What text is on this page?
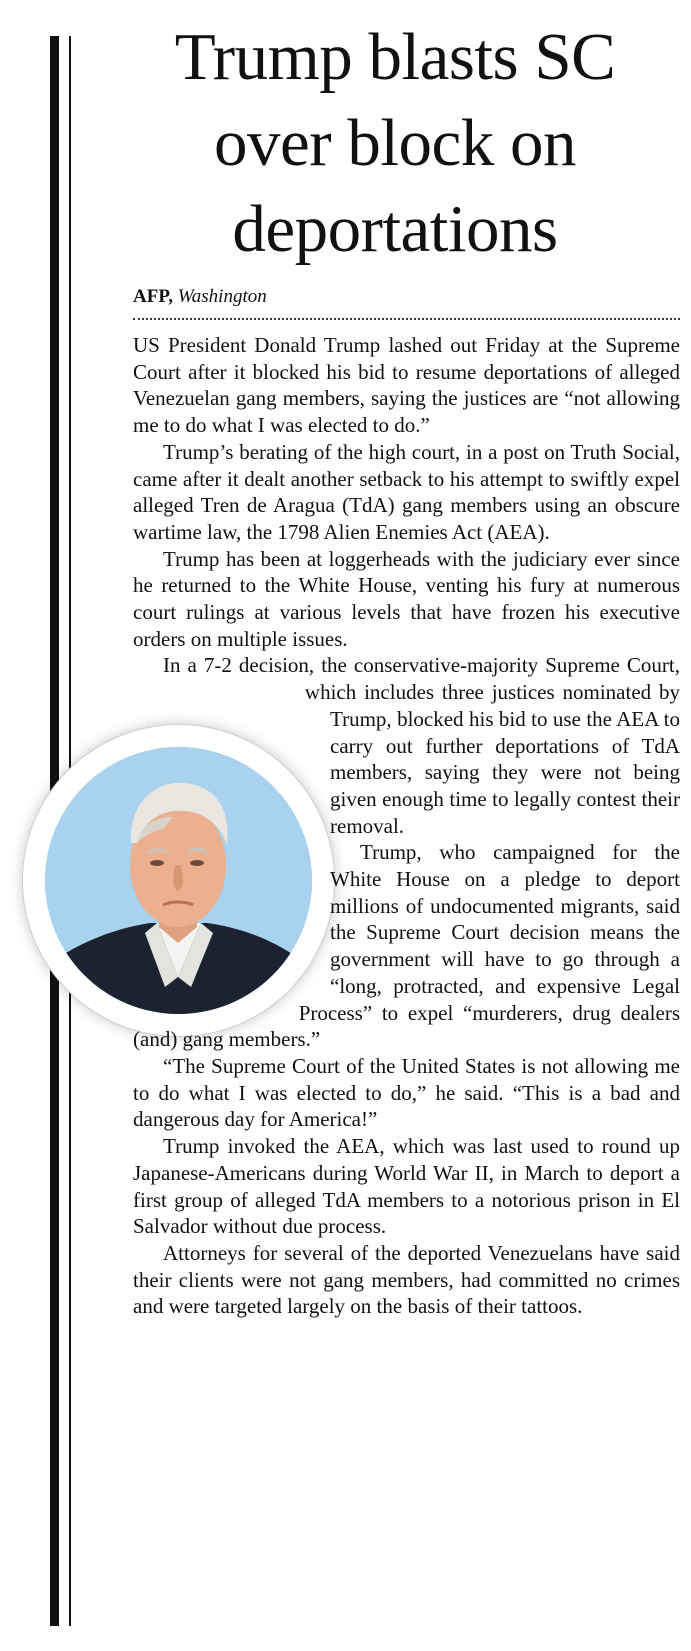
Trump blasts SC over block on deportations
AFP, Washington

US President Donald Trump lashed out Friday at the Supreme Court after it blocked his bid to resume deportations of alleged Venezuelan gang members, saying the justices are “not allowing me to do what I was elected to do.”

Trump’s berating of the high court, in a post on Truth Social, came after it dealt another setback to his attempt to swiftly expel alleged Tren de Aragua (TdA) gang members using an obscure wartime law, the 1798 Alien Enemies Act (AEA).

Trump has been at loggerheads with the judiciary ever since he returned to the White House, venting his fury at numerous court rulings at various levels that have frozen his executive orders on multiple issues.

In a 7-2 decision, the conservative-majority Supreme Court, which includes three justices nominated by Trump, blocked his bid to use the AEA to carry out further deportations of TdA members, saying they were not being given enough time to legally contest their removal.

Trump, who campaigned for the White House on a pledge to deport millions of undocumented migrants, said the Supreme Court decision means the government will have to go through a “long, protracted, and expensive Legal Process” to expel “murderers, drug dealers (and) gang members.”

“The Supreme Court of the United States is not allowing me to do what I was elected to do,” he said. “This is a bad and dangerous day for America!”

Trump invoked the AEA, which was last used to round up Japanese-Americans during World War II, in March to deport a first group of alleged TdA members to a notorious prison in El Salvador without due process.

Attorneys for several of the deported Venezuelans have said their clients were not gang members, had committed no crimes and were targeted largely on the basis of their tattoos.
